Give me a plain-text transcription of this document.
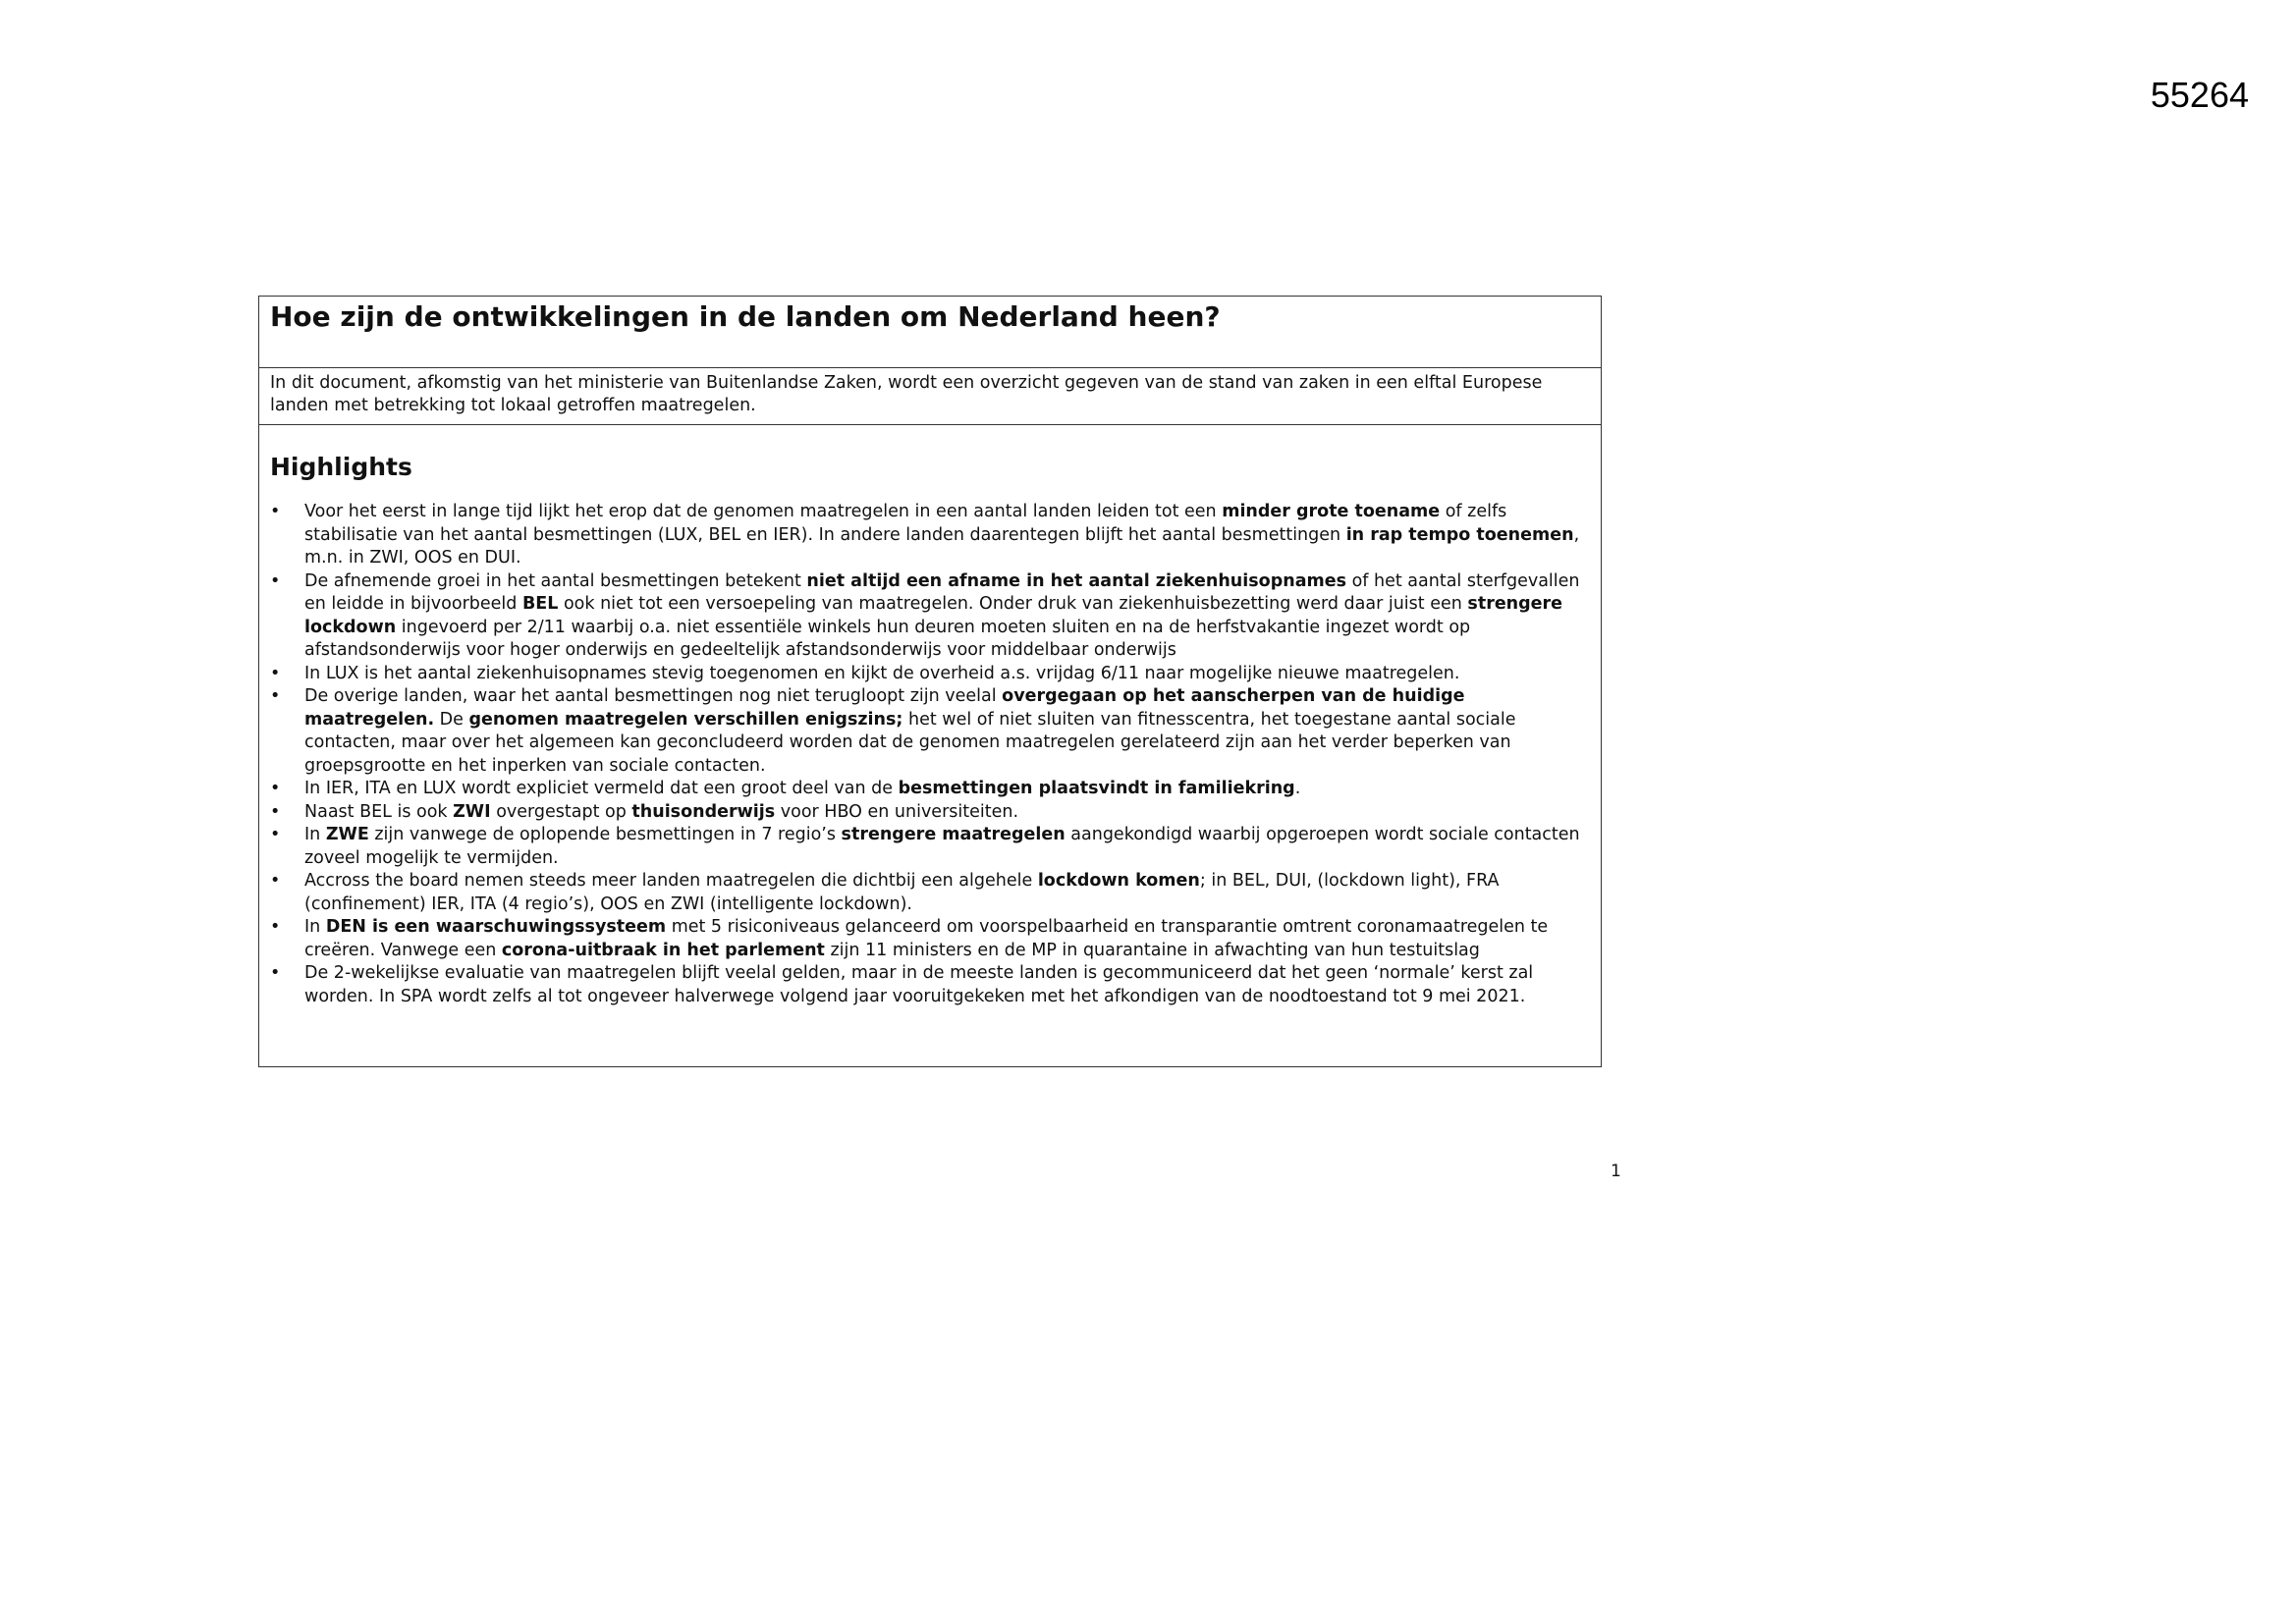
55264
Hoe zijn de ontwikkelingen in de landen om Nederland heen?
In dit document, afkomstig van het ministerie van Buitenlandse Zaken, wordt een overzicht gegeven van de stand van zaken in een elftal Europese landen met betrekking tot lokaal getroffen maatregelen.
Highlights
• Voor het eerst in lange tijd lijkt het erop dat de genomen maatregelen in een aantal landen leiden tot een minder grote toename of zelfs stabilisatie van het aantal besmettingen (LUX, BEL en IER). In andere landen daarentegen blijft het aantal besmettingen in rap tempo toenemen, m.n. in ZWI, OOS en DUI.
• De afnemende groei in het aantal besmettingen betekent niet altijd een afname in het aantal ziekenhuisopnames of het aantal sterfgevallen en leidde in bijvoorbeeld BEL ook niet tot een versoepeling van maatregelen. Onder druk van ziekenhuisbezetting werd daar juist een strengere lockdown ingevoerd per 2/11 waarbij o.a. niet essentiële winkels hun deuren moeten sluiten en na de herfstvakantie ingezet wordt op afstandsonderwijs voor hoger onderwijs en gedeeltelijk afstandsonderwijs voor middelbaar onderwijs
• In LUX is het aantal ziekenhuisopnames stevig toegenomen en kijkt de overheid a.s. vrijdag 6/11 naar mogelijke nieuwe maatregelen.
• De overige landen, waar het aantal besmettingen nog niet terugloopt zijn veelal overgegaan op het aanscherpen van de huidige maatregelen. De genomen maatregelen verschillen enigszins; het wel of niet sluiten van fitnesscentra, het toegestane aantal sociale contacten, maar over het algemeen kan geconcludeerd worden dat de genomen maatregelen gerelateerd zijn aan het verder beperken van groepsgrootte en het inperken van sociale contacten.
• In IER, ITA en LUX wordt expliciet vermeld dat een groot deel van de besmettingen plaatsvindt in familiekring.
• Naast BEL is ook ZWI overgestapt op thuisonderwijs voor HBO en universiteiten.
• In ZWE zijn vanwege de oplopende besmettingen in 7 regio’s strengere maatregelen aangekondigd waarbij opgeroepen wordt sociale contacten zoveel mogelijk te vermijden.
• Accross the board nemen steeds meer landen maatregelen die dichtbij een algehele lockdown komen; in BEL, DUI, (lockdown light), FRA (confinement) IER, ITA (4 regio’s), OOS en ZWI (intelligente lockdown).
• In DEN is een waarschuwingssysteem met 5 risiconiveaus gelanceerd om voorspelbaarheid en transparantie omtrent coronamaatregelen te creëren. Vanwege een corona-uitbraak in het parlement zijn 11 ministers en de MP in quarantaine in afwachting van hun testuitslag
• De 2-wekelijkse evaluatie van maatregelen blijft veelal gelden, maar in de meeste landen is gecommuniceerd dat het geen ‘normale’ kerst zal worden. In SPA wordt zelfs al tot ongeveer halverwege volgend jaar vooruitgekeken met het afkondigen van de noodtoestand tot 9 mei 2021.
1
